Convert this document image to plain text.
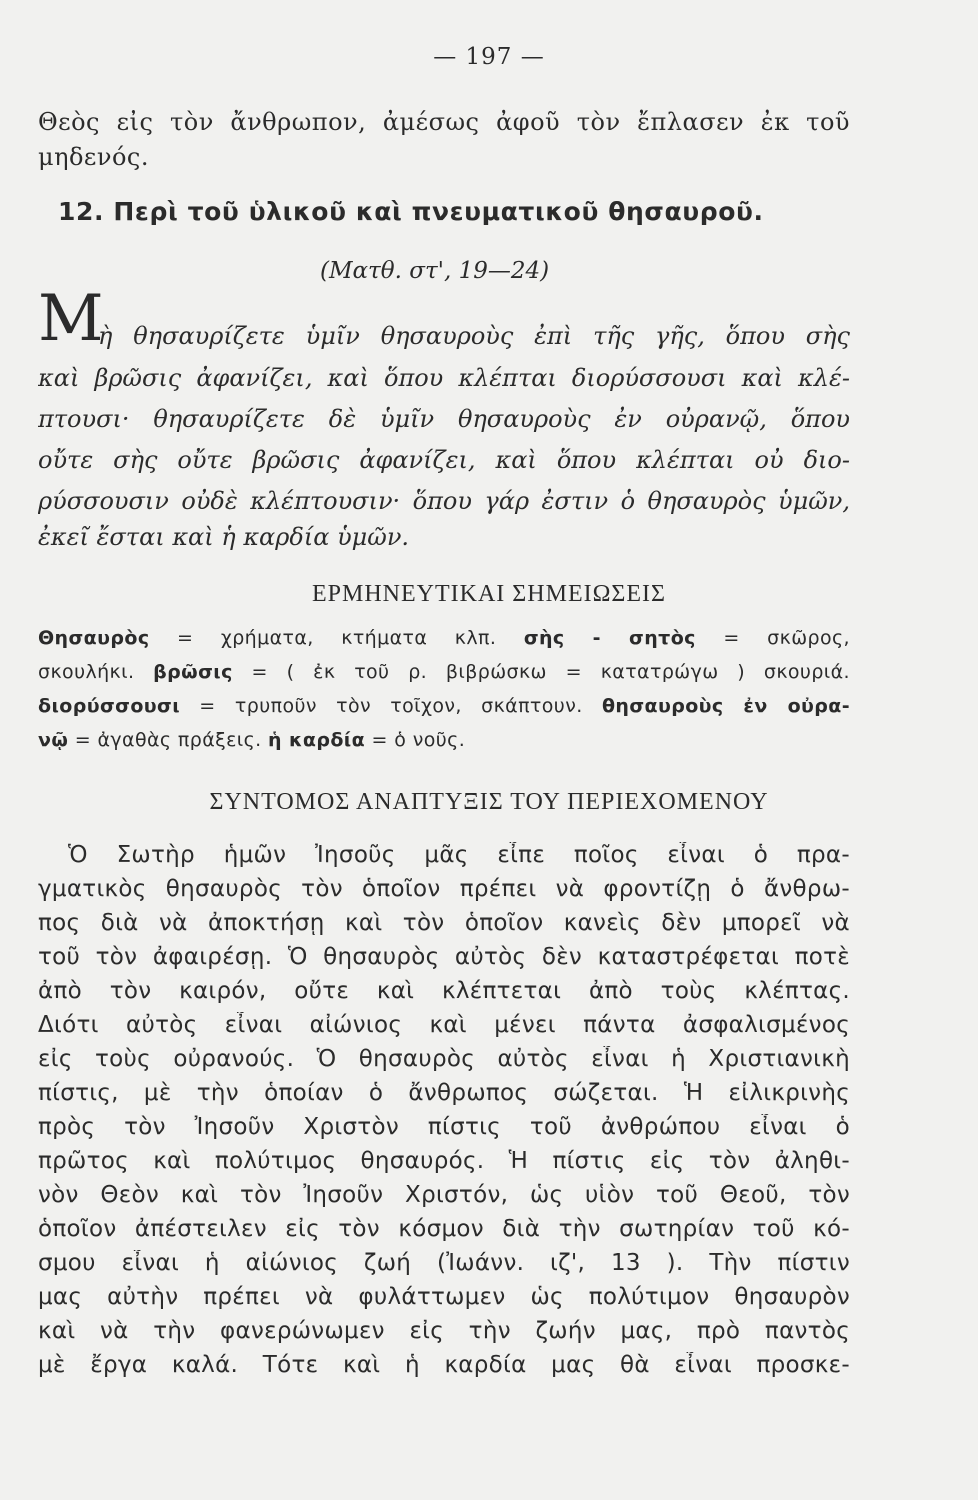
— 197 —
Θεὸς εἰς τὸν ἄνθρωπον, ἀμέσως ἀφοῦ τὸν ἔπλασεν ἐκ τοῦ
μηδενός.
12. Περὶ τοῦ ὑλικοῦ καὶ πνευματικοῦ θησαυροῦ.
(Ματθ. στ', 19—24)
Μ
ὴ θησαυρίζετε ὑμῖν θησαυροὺς ἐπὶ τῆς γῆς, ὅπου σὴς
καὶ βρῶσις ἀφανίζει, καὶ ὅπου κλέπται διορύσσουσι καὶ κλέ-
πτουσι· θησαυρίζετε δὲ ὑμῖν θησαυροὺς ἐν οὐρανῷ, ὅπου
οὔτε σὴς οὔτε βρῶσις ἀφανίζει, καὶ ὅπου κλέπται οὐ διο-
ρύσσουσιν οὐδὲ κλέπτουσιν· ὅπου γάρ ἐστιν ὁ θησαυρὸς ὑμῶν,
ἐκεῖ ἔσται καὶ ἡ καρδία ὑμῶν.
ΕΡΜΗΝΕΥΤΙΚΑΙ ΣΗΜΕΙΩΣΕΙΣ
Θησαυρὸς = χρήματα, κτήματα κλπ. σὴς - σητὸς = σκῶρος,
σκουλήκι. βρῶσις = ( ἐκ τοῦ ρ. βιβρώσκω = κατατρώγω ) σκουριά.
διορύσσουσι = τρυποῦν τὸν τοῖχον, σκάπτουν. θησαυροὺς ἐν οὐρα-
νῷ = ἀγαθὰς πράξεις. ἡ καρδία = ὁ νοῦς.
ΣΥΝΤΟΜΟΣ ΑΝΑΠΤΥΞΙΣ ΤΟΥ ΠΕΡΙΕΧΟΜΕΝΟΥ
Ὁ Σωτὴρ ἡμῶν Ἰησοῦς μᾶς εἶπε ποῖος εἶναι ὁ πρα-
γματικὸς θησαυρὸς τὸν ὁποῖον πρέπει νὰ φροντίζῃ ὁ ἄνθρω-
πος διὰ νὰ ἀποκτήσῃ καὶ τὸν ὁποῖον κανεὶς δὲν μπορεῖ νὰ
τοῦ τὸν ἀφαιρέσῃ. Ὁ θησαυρὸς αὐτὸς δὲν καταστρέφεται ποτὲ
ἀπὸ τὸν καιρόν, οὔτε καὶ κλέπτεται ἀπὸ τοὺς κλέπτας.
Διότι αὐτὸς εἶναι αἰώνιος καὶ μένει πάντα ἀσφαλισμένος
εἰς τοὺς οὐρανούς. Ὁ θησαυρὸς αὐτὸς εἶναι ἡ Χριστιανικὴ
πίστις, μὲ τὴν ὁποίαν ὁ ἄνθρωπος σώζεται. Ἡ εἰλικρινὴς
πρὸς τὸν Ἰησοῦν Χριστὸν πίστις τοῦ ἀνθρώπου εἶναι ὁ
πρῶτος καὶ πολύτιμος θησαυρός. Ἡ πίστις εἰς τὸν ἀληθι-
νὸν Θεὸν καὶ τὸν Ἰησοῦν Χριστόν, ὡς υἱὸν τοῦ Θεοῦ, τὸν
ὁποῖον ἀπέστειλεν εἰς τὸν κόσμον διὰ τὴν σωτηρίαν τοῦ κό-
σμου εἶναι ἡ αἰώνιος ζωή (Ἰωάνν. ιζ', 13 ). Τὴν πίστιν
μας αὐτὴν πρέπει νὰ φυλάττωμεν ὡς πολύτιμον θησαυρὸν
καὶ νὰ τὴν φανερώνωμεν εἰς τὴν ζωήν μας, πρὸ παντὸς
μὲ ἔργα καλά. Τότε καὶ ἡ καρδία μας θὰ εἶναι προσκε-
